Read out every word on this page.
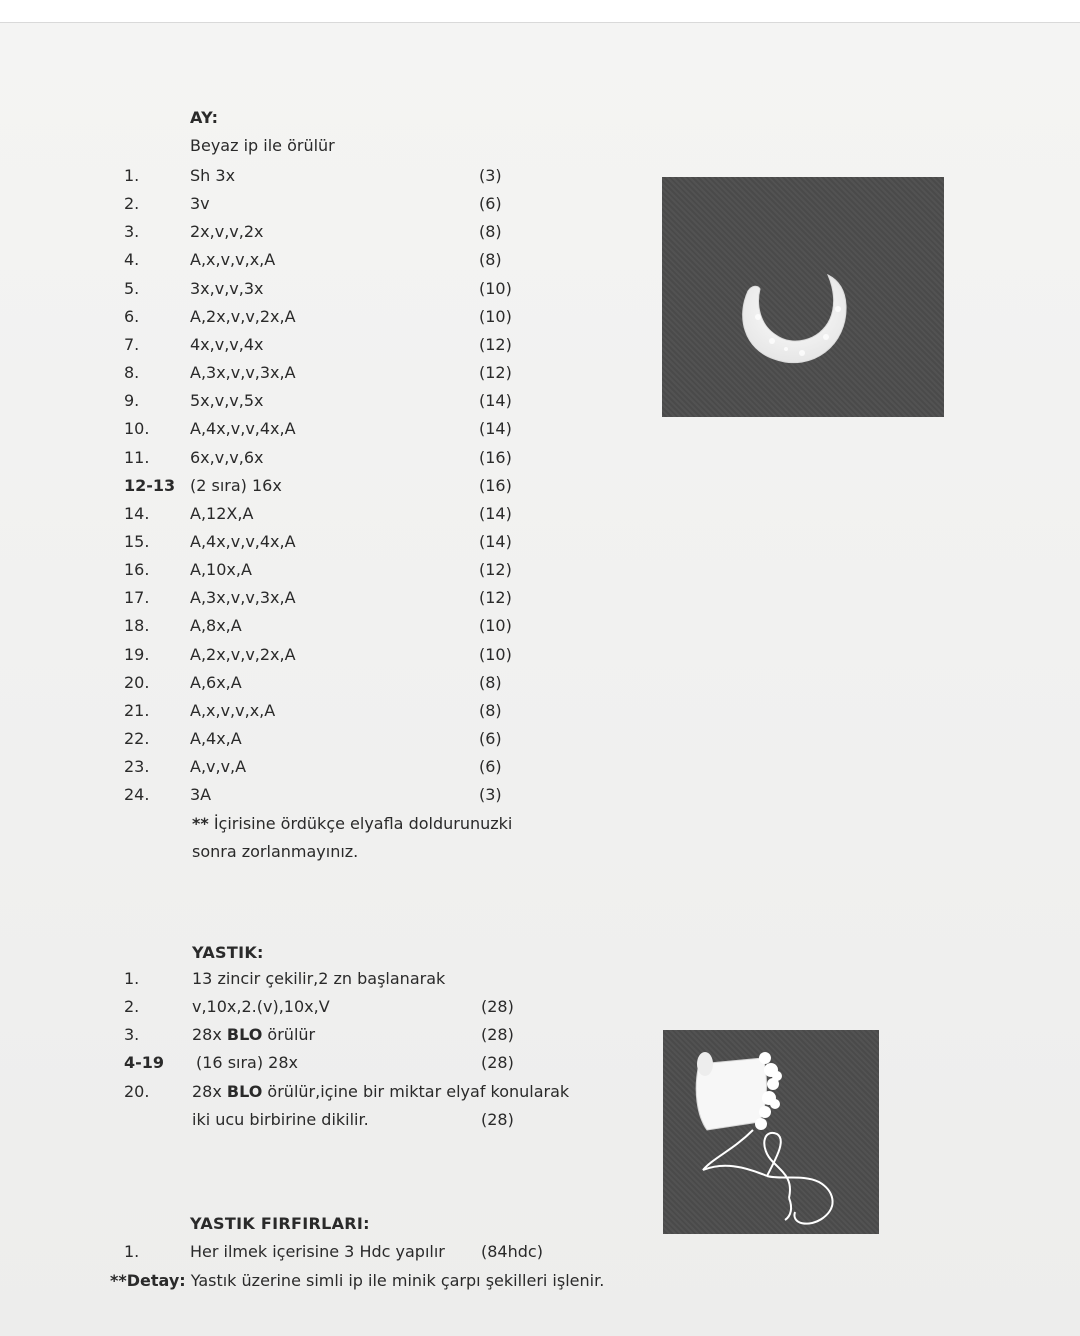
AY:
Beyaz ip ile örülür
1.	Sh 3x	(3)
2.	3v	(6)
3.	2x,v,v,2x	(8)
4.	A,x,v,v,x,A	(8)
5.	3x,v,v,3x	(10)
6.	A,2x,v,v,2x,A	(10)
7.	4x,v,v,4x	(12)
8.	A,3x,v,v,3x,A	(12)
9.	5x,v,v,5x	(14)
10.	A,4x,v,v,4x,A	(14)
11.	6x,v,v,6x	(16)
12-13 (2 sıra) 16x	(16)
14.	A,12X,A	(14)
15.	A,4x,v,v,4x,A	(14)
16.	A,10x,A	(12)
17.	A,3x,v,v,3x,A	(12)
18.	A,8x,A	(10)
19.	A,2x,v,v,2x,A	(10)
20.	A,6x,A	(8)
21.	A,x,v,v,x,A	(8)
22.	A,4x,A	(6)
23.	A,v,v,A	(6)
24.	3A	(3)
** İçirisine ördükçe elyafla doldurunuzki
sonra zorlanmayınız.
YASTIK:
1.	13 zincir çekilir,2 zn başlanarak
2.	v,10x,2.(v),10x,V	(28)
3.	28x BLO örülür	(28)
4-19 (16 sıra) 28x	(28)
20.	28x BLO örülür,içine bir miktar elyaf konularak
iki ucu birbirine dikilir.	(28)
YASTIK FIRFIRLARI:
1.	Her ilmek içerisine 3 Hdc yapılır (84hdc)
**Detay: Yastık üzerine simli ip ile minik çarpı şekilleri işlenir.
